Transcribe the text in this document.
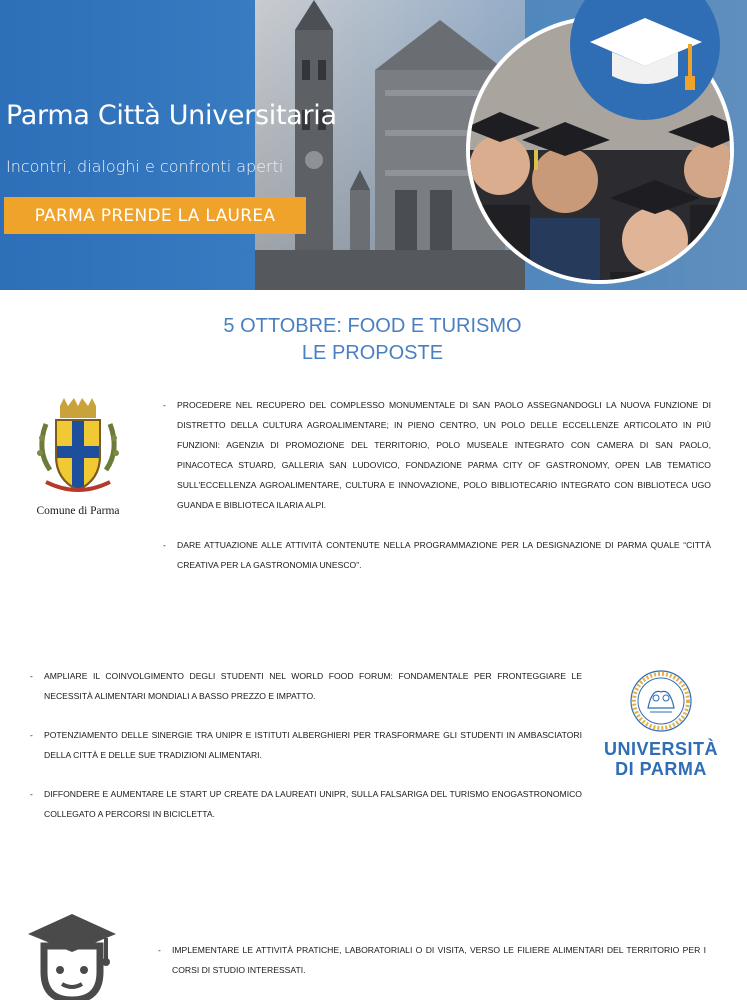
Parma Città Universitaria
Incontri, dialoghi e confronti aperti
PARMA PRENDE LA LAUREA
5 OTTOBRE: FOOD E TURISMO
LE PROPOSTE
Comune di Parma
- PROCEDERE NEL RECUPERO DEL COMPLESSO MONUMENTALE DI SAN PAOLO ASSEGNANDOGLI LA NUOVA FUNZIONE DI DISTRETTO DELLA CULTURA AGROALIMENTARE; IN PIENO CENTRO, UN POLO DELLE ECCELLENZE ARTICOLATO IN PIÙ FUNZIONI: AGENZIA DI PROMOZIONE DEL TERRITORIO, POLO MUSEALE INTEGRATO CON CAMERA DI SAN PAOLO, PINACOTECA STUARD, GALLERIA SAN LUDOVICO, FONDAZIONE PARMA CITY OF GASTRONOMY, OPEN LAB TEMATICO SULL'ECCELLENZA AGROALIMENTARE, CULTURA E INNOVAZIONE, POLO BIBLIOTECARIO INTEGRATO CON BIBLIOTECA UGO GUANDA E BIBLIOTECA ILARIA ALPI.
- DARE ATTUAZIONE ALLE ATTIVITÀ CONTENUTE NELLA PROGRAMMAZIONE PER LA DESIGNAZIONE DI PARMA QUALE “CITTÀ CREATIVA PER LA GASTRONOMIA UNESCO”.
- AMPLIARE IL COINVOLGIMENTO DEGLI STUDENTI NEL WORLD FOOD FORUM: FONDAMENTALE PER FRONTEGGIARE LE NECESSITÀ ALIMENTARI MONDIALI A BASSO PREZZO E IMPATTO.
- POTENZIAMENTO DELLE SINERGIE TRA UNIPR E ISTITUTI ALBERGHIERI PER TRASFORMARE GLI STUDENTI IN AMBASCIATORI DELLA CITTÀ E DELLE SUE TRADIZIONI ALIMENTARI.
- DIFFONDERE E AUMENTARE LE START UP CREATE DA LAUREATI UNIPR, SULLA FALSARIGA DEL TURISMO ENOGASTRONOMICO COLLEGATO A PERCORSI IN BICICLETTA.
UNIVERSITÀ
DI PARMA
- IMPLEMENTARE LE ATTIVITÀ PRATICHE, LABORATORIALI O DI VISITA, VERSO LE FILIERE ALIMENTARI DEL TERRITORIO PER I CORSI DI STUDIO INTERESSATI.
